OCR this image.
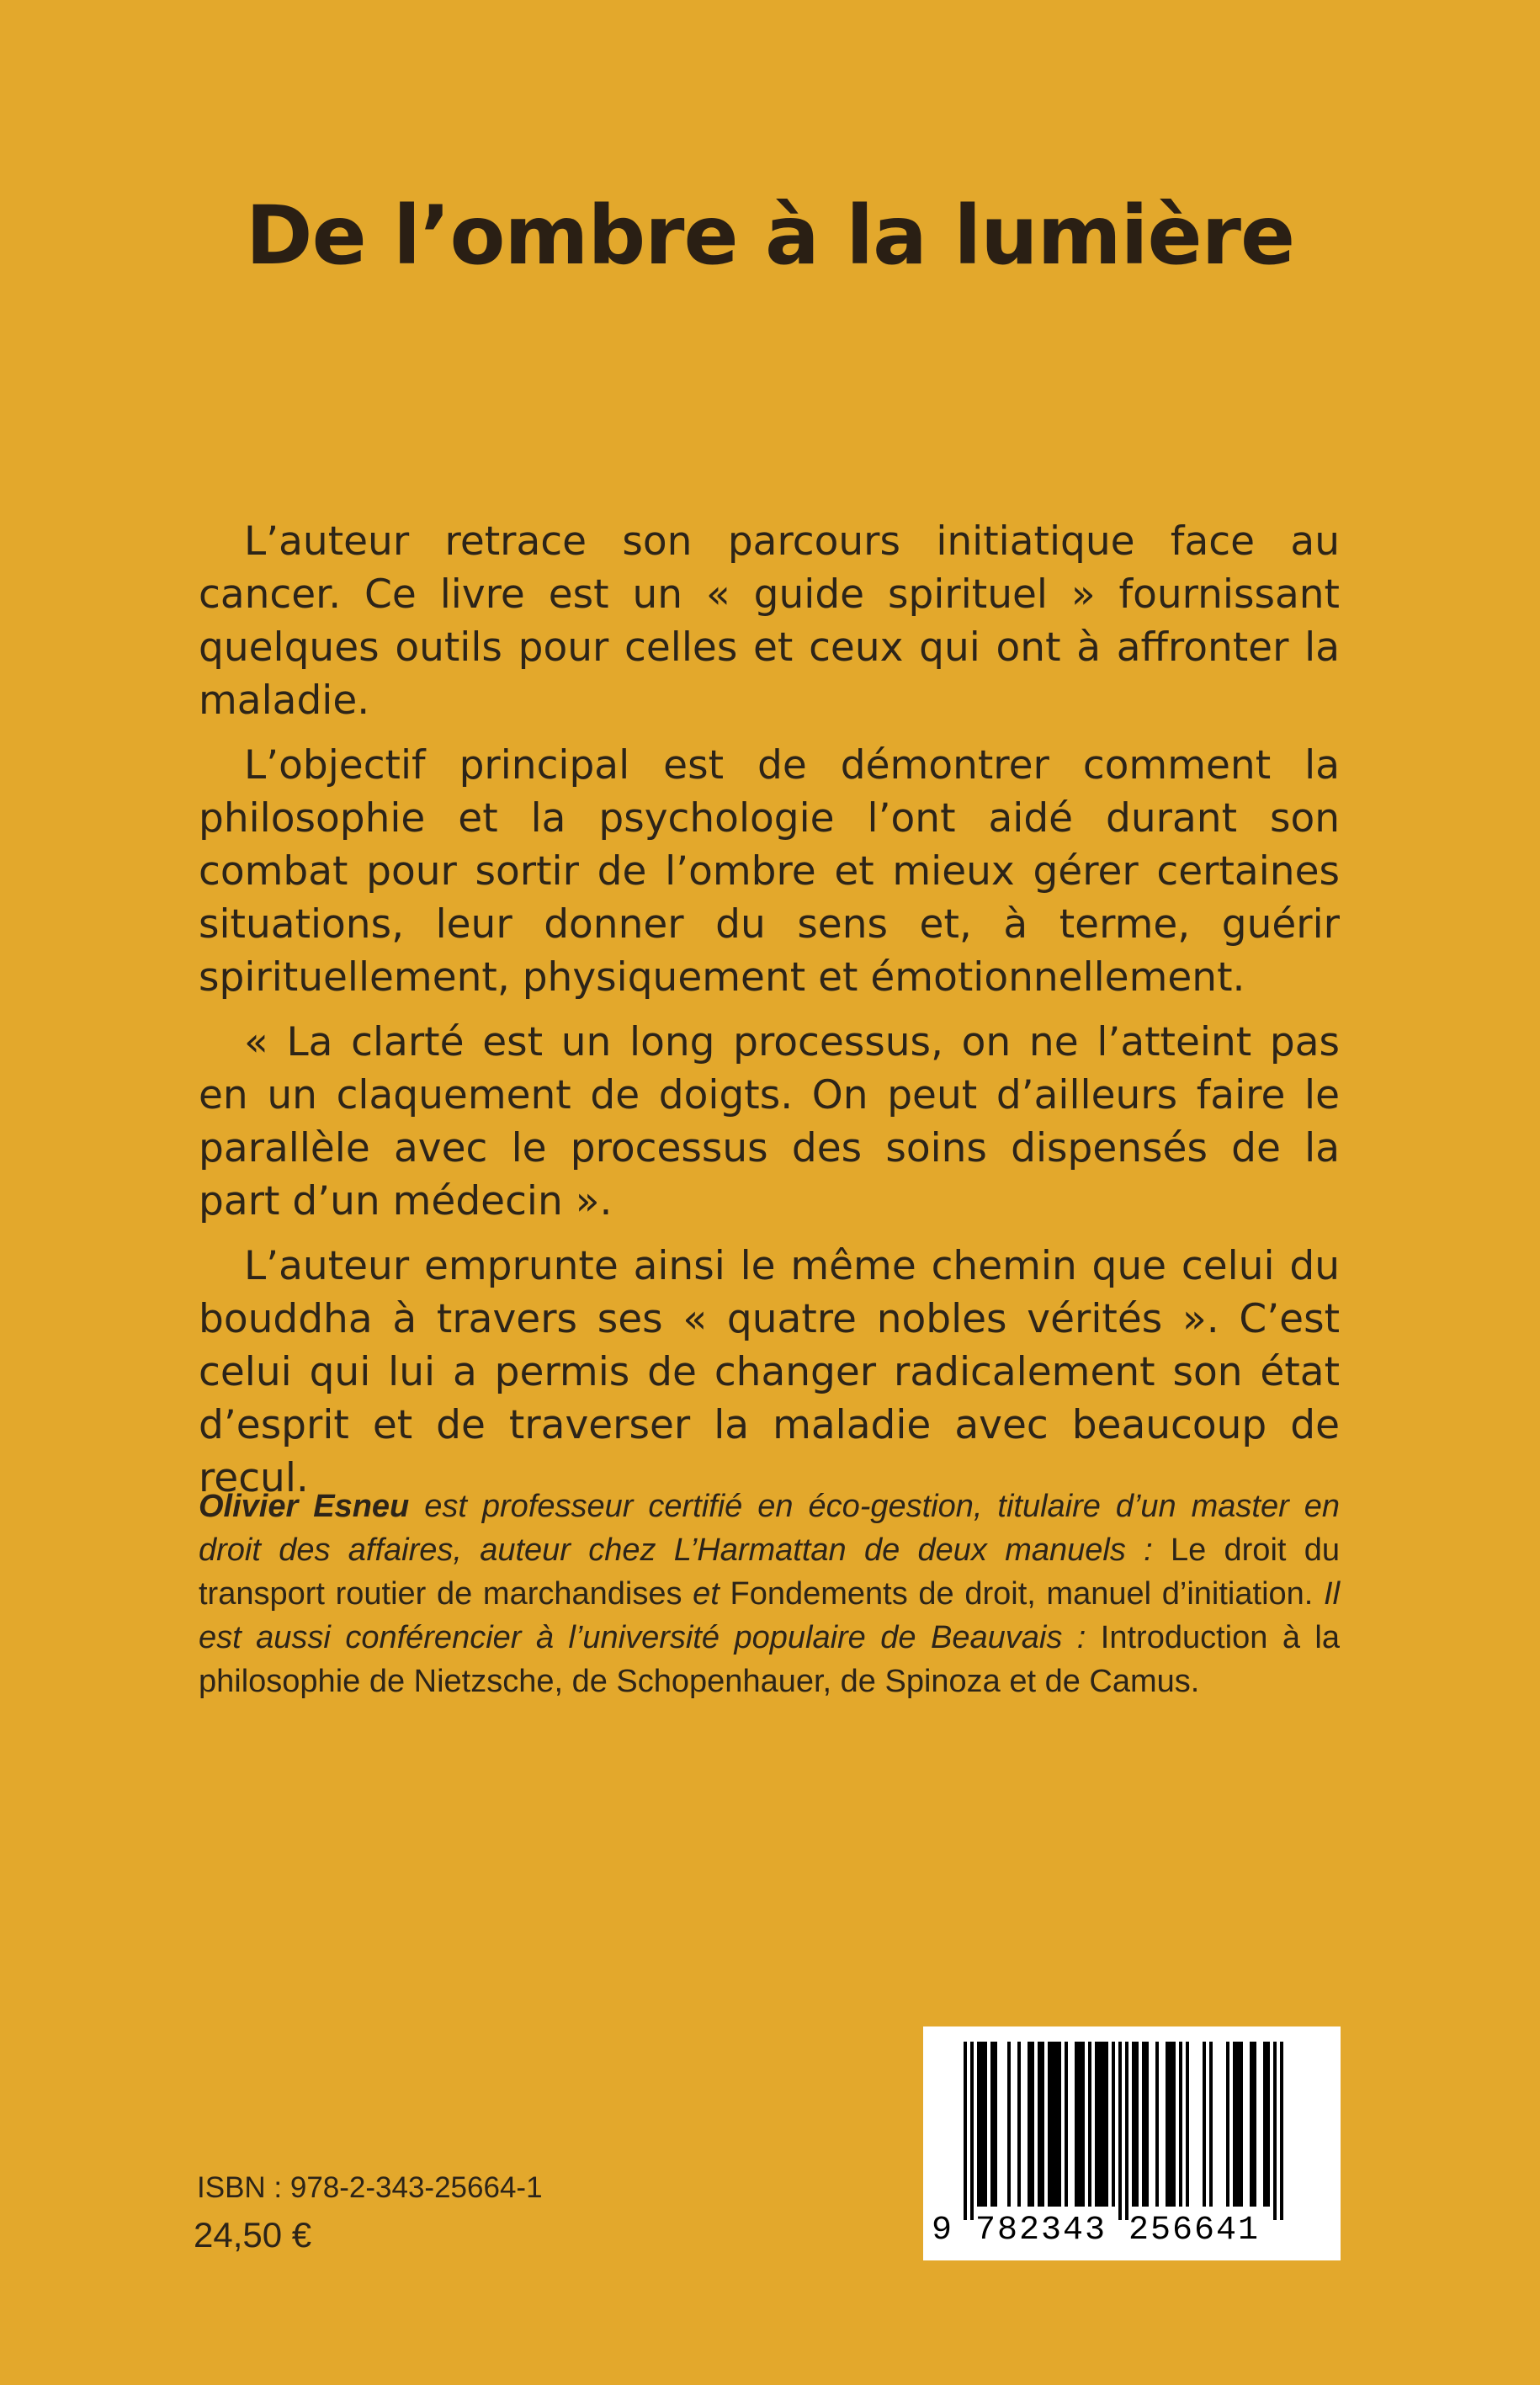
De l’ombre à la lumière

L’auteur retrace son parcours initiatique face au cancer. Ce livre est un « guide spirituel » fournissant quelques outils pour celles et ceux qui ont à affronter la maladie.

L’objectif principal est de démontrer comment la philosophie et la psychologie l’ont aidé durant son combat pour sortir de l’ombre et mieux gérer certaines situations, leur donner du sens et, à terme, guérir spirituellement, physiquement et émotionnellement.

« La clarté est un long processus, on ne l’atteint pas en un claquement de doigts. On peut d’ailleurs faire le parallèle avec le processus des soins dispensés de la part d’un médecin ».

L’auteur emprunte ainsi le même chemin que celui du bouddha à travers ses « quatre nobles vérités ». C’est celui qui lui a permis de changer radicalement son état d’esprit et de traverser la maladie avec beaucoup de recul.

Olivier Esneu est professeur certifié en éco-gestion, titulaire d’un master en droit des affaires, auteur chez L’Harmattan de deux manuels : Le droit du transport routier de marchandises et Fondements de droit, manuel d’initiation. Il est aussi conférencier à l’université populaire de Beauvais : Introduction à la philosophie de Nietzsche, de Schopenhauer, de Spinoza et de Camus.

ISBN : 978-2-343-25664-1
24,50 €	9 782343 256641
